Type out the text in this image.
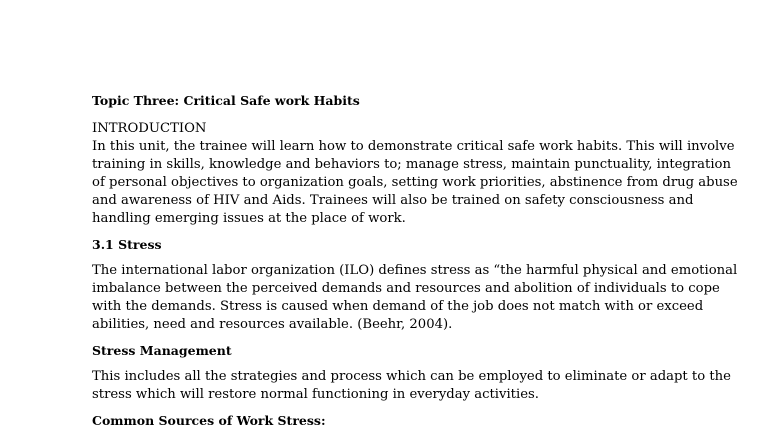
Topic Three: Critical Safe work Habits

INTRODUCTION
In this unit, the trainee will learn how to demonstrate critical safe work habits. This will involve
training in skills, knowledge and behaviors to; manage stress, maintain punctuality, integration
of personal objectives to organization goals, setting work priorities, abstinence from drug abuse
and awareness of HIV and Aids. Trainees will also be trained on safety consciousness and
handling emerging issues at the place of work.

3.1 Stress

The international labor organization (ILO) defines stress as “the harmful physical and emotional
imbalance between the perceived demands and resources and abolition of individuals to cope
with the demands. Stress is caused when demand of the job does not match with or exceed
abilities, need and resources available. (Beehr, 2004).

Stress Management

This includes all the strategies and process which can be employed to eliminate or adapt to the
stress which will restore normal functioning in everyday activities.

Common Sources of Work Stress:
